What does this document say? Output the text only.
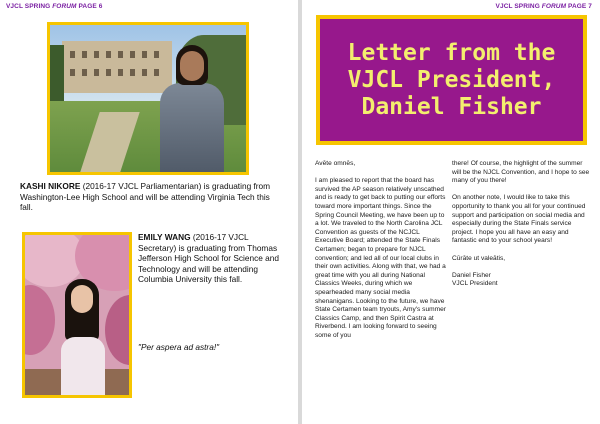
VJCL SPRING FORUM PAGE 6

KASHI NIKORE (2016-17 VJCL Parliamentarian) is graduating from Washington-Lee High School and will be attending Virginia Tech this fall.

EMILY WANG (2016-17 VJCL Secretary) is graduating from Thomas Jefferson High School for Science and Technology and will be attending Columbia University this fall.

"Per aspera ad astra!"

VJCL SPRING FORUM PAGE 7
Letter from the VJCL President, Daniel Fisher

Avēte omnēs,

I am pleased to report that the board has survived the AP season relatively unscathed and is ready to get back to putting our efforts toward more important things. Since the Spring Council Meeting, we have been up to a lot. We traveled to the North Carolina JCL Convention as guests of the NCJCL Executive Board; attended the State Finals Certamen; began to prepare for NJCL convention; and led all of our local clubs in their own activities. Along with that, we had a great time with you all during National Classics Weeks, during which we spearheaded many social media shenanigans. Looking to the future, we have State Certamen team tryouts, Amy's summer Classics Camp, and then Spirit Castra at Riverbend. I am looking forward to seeing some of you

there! Of course, the highlight of the summer will be the NJCL Convention, and I hope to see many of you there!

On another note, I would like to take this opportunity to thank you all for your continued support and participation on social media and especially during the State Finals service project. I hope you all have an easy and fantastic end to your school years!

Cūrāte ut valeātis,

Daniel Fisher
VJCL President
